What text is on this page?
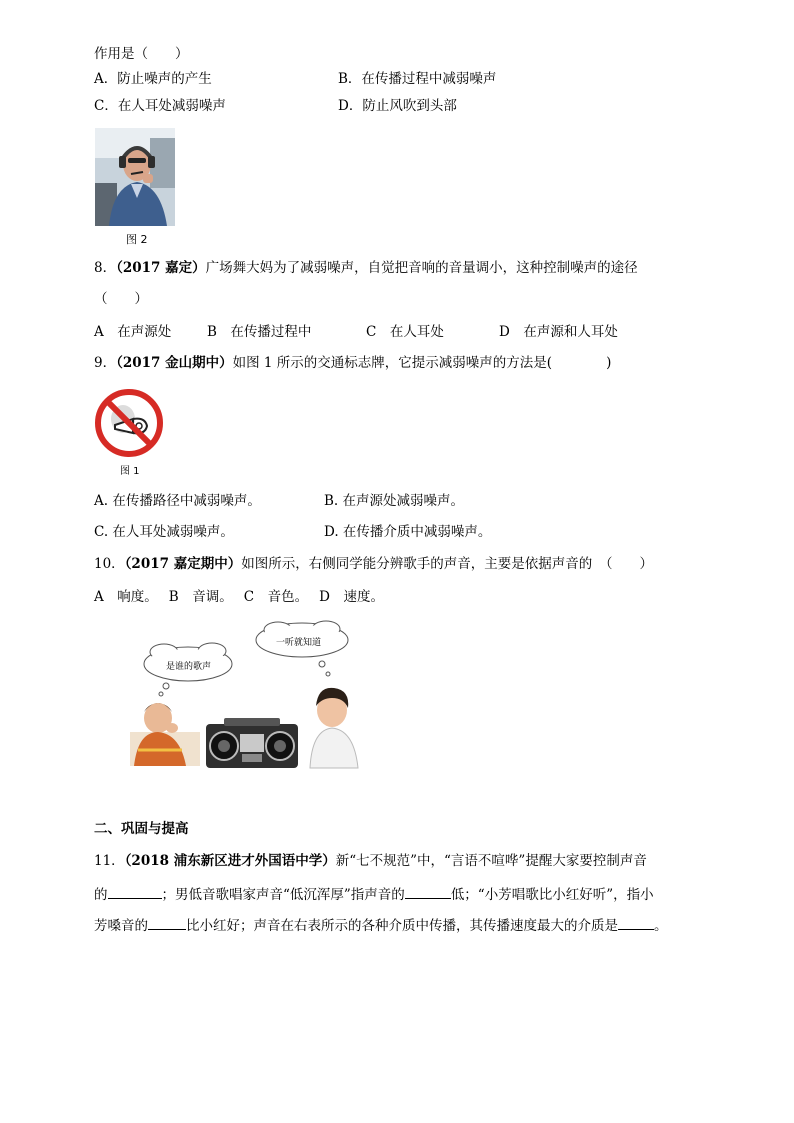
作用是（　　）
A．防止噪声的产生	B．在传播过程中减弱噪声
C．在人耳处减弱噪声	D．防止风吹到头部
图 2
8．（2017 嘉定）广场舞大妈为了减弱噪声，自觉把音响的音量调小，这种控制噪声的途径
（　　）
A　在声源处	B　在传播过程中	C　在人耳处	D　在声源和人耳处
9．（2017 金山期中）如图 1 所示的交通标志牌，它提示减弱噪声的方法是(　　　　)
图 1
A. 在传播路径中减弱噪声。	B. 在声源处减弱噪声。
C. 在人耳处减弱噪声。	D. 在传播介质中减弱噪声。
10．（2017 嘉定期中）如图所示，右侧同学能分辨歌手的声音，主要是依据声音的　（　　）
A　响度。　 B　音调。　 C　音色。　 D　速度。
是谁的歌声
一听就知道
二、巩固与提高
11．（2018 浦东新区进才外国语中学）新“七不规范”中，“言语不喧哗”提醒大家要控制声音
的	；男低音歌唱家声音“低沉浑厚”指声音的	低；“小芳唱歌比小红好听”，指小
芳嗓音的	比小红好；声音在右表所示的各种介质中传播，其传播速度最大的介质是	。
